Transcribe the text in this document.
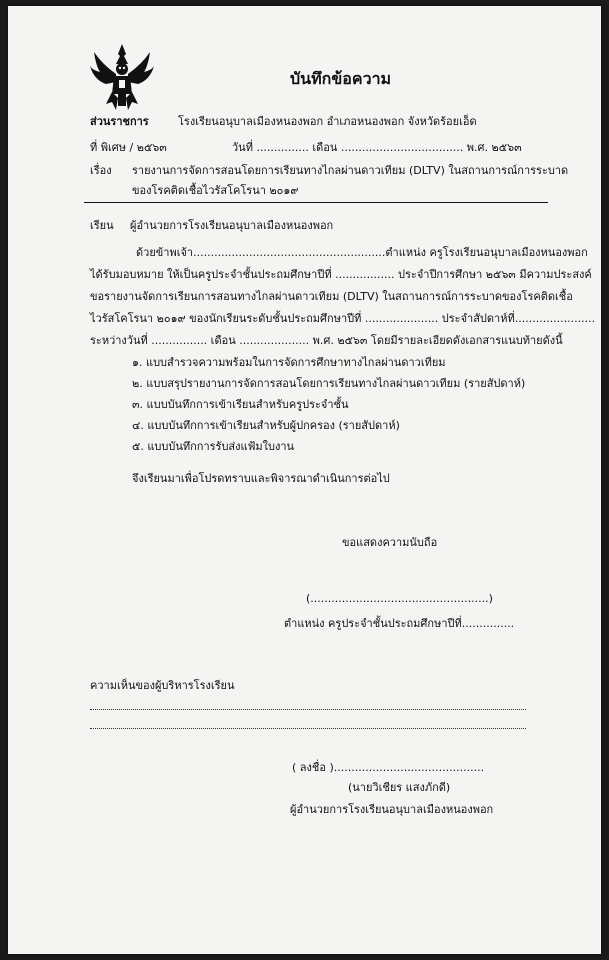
บันทึกข้อความ
ส่วนราชการ	โรงเรียนอนุบาลเมืองหนองพอก อำเภอหนองพอก จังหวัดร้อยเอ็ด
ที่ พิเศษ / ๒๕๖๓	วันที่ ............... เดือน ................................... พ.ศ. ๒๕๖๓
เรื่อง รายงานการจัดการสอนโดยการเรียนทางไกลผ่านดาวเทียม (DLTV) ในสถานการณ์การระบาด
ของโรคติดเชื้อไวรัสโคโรนา ๒๐๑๙
เรียน ผู้อำนวยการโรงเรียนอนุบาลเมืองหนองพอก
ด้วยข้าพเจ้า.......................................................ตำแหน่ง ครูโรงเรียนอนุบาลเมืองหนองพอก
ได้รับมอบหมาย ให้เป็นครูประจำชั้นประถมศึกษาปีที่ ................. ประจำปีการศึกษา ๒๕๖๓ มีความประสงค์
ขอรายงานจัดการเรียนการสอนทางไกลผ่านดาวเทียม (DLTV) ในสถานการณ์การระบาดของโรคติดเชื้อ
ไวรัสโคโรนา ๒๐๑๙ ของนักเรียนระดับชั้นประถมศึกษาปีที่ ..................... ประจำสัปดาห์ที่.......................
ระหว่างวันที่ ................ เดือน .................... พ.ศ. ๒๕๖๓ โดยมีรายละเอียดดังเอกสารแนบท้ายดังนี้
๑. แบบสำรวจความพร้อมในการจัดการศึกษาทางไกลผ่านดาวเทียม
๒. แบบสรุปรายงานการจัดการสอนโดยการเรียนทางไกลผ่านดาวเทียม (รายสัปดาห์)
๓. แบบบันทึกการเข้าเรียนสำหรับครูประจำชั้น
๔. แบบบันทึกการเข้าเรียนสำหรับผู้ปกครอง (รายสัปดาห์)
๕. แบบบันทึกการรับส่งแฟ้มใบงาน
จึงเรียนมาเพื่อโปรดทราบและพิจารณาดำเนินการต่อไป
ขอแสดงความนับถือ
(...................................................)
ตำแหน่ง ครูประจำชั้นประถมศึกษาปีที่...............
ความเห็นของผู้บริหารโรงเรียน
( ลงชื่อ )...........................................
(นายวิเชียร แสงภักดี)
ผู้อำนวยการโรงเรียนอนุบาลเมืองหนองพอก
